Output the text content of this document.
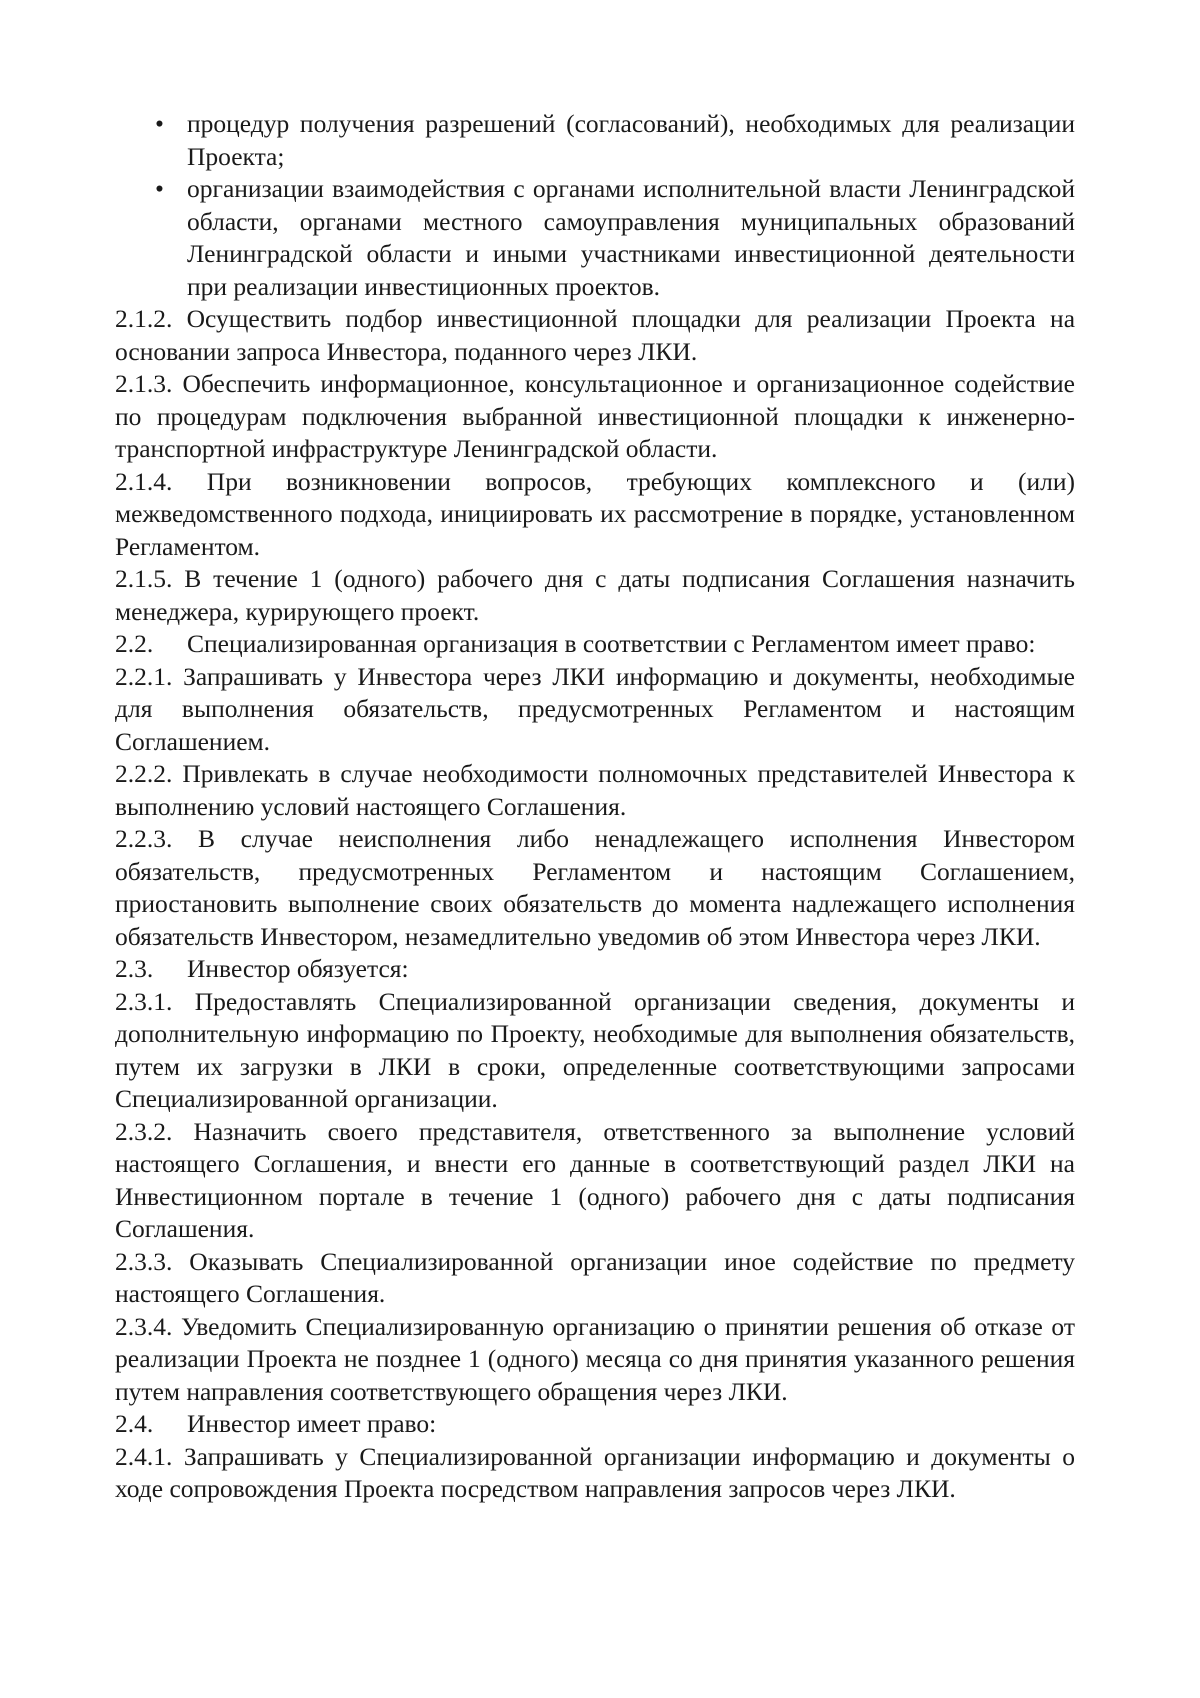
• процедур получения разрешений (согласований), необходимых для реализации Проекта;
• организации взаимодействия с органами исполнительной власти Ленинградской области, органами местного самоуправления муниципальных образований Ленинградской области и иными участниками инвестиционной деятельности при реализации инвестиционных проектов.

2.1.2. Осуществить подбор инвестиционной площадки для реализации Проекта на основании запроса Инвестора, поданного через ЛКИ.

2.1.3. Обеспечить информационное, консультационное и организационное содействие по процедурам подключения выбранной инвестиционной площадки к инженерно-транспортной инфраструктуре Ленинградской области.

2.1.4. При возникновении вопросов, требующих комплексного и (или) межведомственного подхода, инициировать их рассмотрение в порядке, установленном Регламентом.

2.1.5. В течение 1 (одного) рабочего дня с даты подписания Соглашения назначить менеджера, курирующего проект.

2.2. Специализированная организация в соответствии с Регламентом имеет право:

2.2.1. Запрашивать у Инвестора через ЛКИ информацию и документы, необходимые для выполнения обязательств, предусмотренных Регламентом и настоящим Соглашением.

2.2.2. Привлекать в случае необходимости полномочных представителей Инвестора к выполнению условий настоящего Соглашения.

2.2.3. В случае неисполнения либо ненадлежащего исполнения Инвестором обязательств, предусмотренных Регламентом и настоящим Соглашением, приостановить выполнение своих обязательств до момента надлежащего исполнения обязательств Инвестором, незамедлительно уведомив об этом Инвестора через ЛКИ.

2.3. Инвестор обязуется:

2.3.1. Предоставлять Специализированной организации сведения, документы и дополнительную информацию по Проекту, необходимые для выполнения обязательств, путем их загрузки в ЛКИ в сроки, определенные соответствующими запросами Специализированной организации.

2.3.2. Назначить своего представителя, ответственного за выполнение условий настоящего Соглашения, и внести его данные в соответствующий раздел ЛКИ на Инвестиционном портале в течение 1 (одного) рабочего дня с даты подписания Соглашения.

2.3.3. Оказывать Специализированной организации иное содействие по предмету настоящего Соглашения.

2.3.4. Уведомить Специализированную организацию о принятии решения об отказе от реализации Проекта не позднее 1 (одного) месяца со дня принятия указанного решения путем направления соответствующего обращения через ЛКИ.

2.4. Инвестор имеет право:

2.4.1. Запрашивать у Специализированной организации информацию и документы о ходе сопровождения Проекта посредством направления запросов через ЛКИ.
